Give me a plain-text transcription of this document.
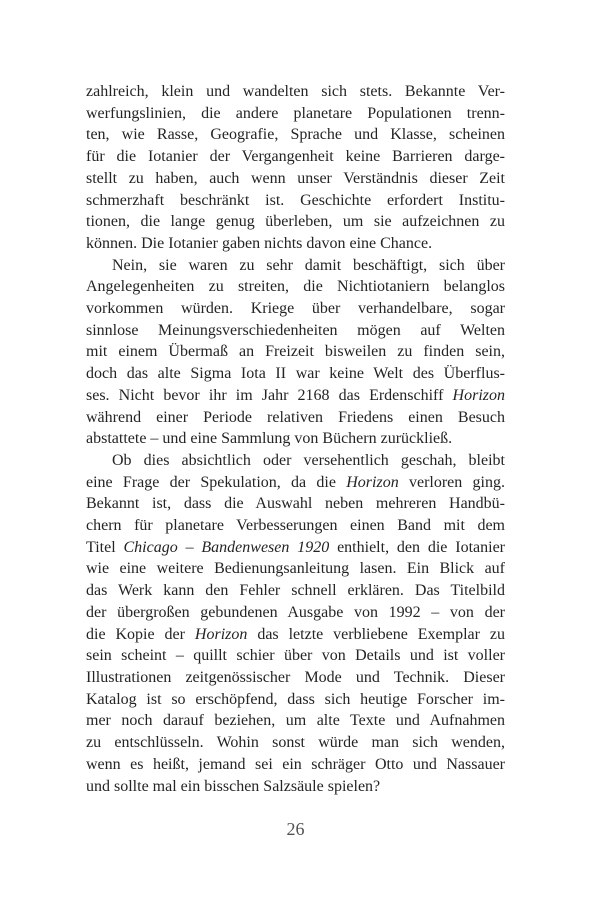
zahlreich, klein und wandelten sich stets. Bekannte Ver-
werfungslinien, die andere planetare Populationen trenn-
ten, wie Rasse, Geografie, Sprache und Klasse, scheinen
für die Iotanier der Vergangenheit keine Barrieren darge-
stellt zu haben, auch wenn unser Verständnis dieser Zeit
schmerzhaft beschränkt ist. Geschichte erfordert Institu-
tionen, die lange genug überleben, um sie aufzeichnen zu
können. Die Iotanier gaben nichts davon eine Chance.
Nein, sie waren zu sehr damit beschäftigt, sich über
Angelegenheiten zu streiten, die Nichtiotaniern belanglos
vorkommen würden. Kriege über verhandelbare, sogar
sinnlose Meinungsverschiedenheiten mögen auf Welten
mit einem Übermaß an Freizeit bisweilen zu finden sein,
doch das alte Sigma Iota II war keine Welt des Überflus-
ses. Nicht bevor ihr im Jahr 2168 das Erdenschiff Horizon
während einer Periode relativen Friedens einen Besuch
abstattete – und eine Sammlung von Büchern zurückließ.
Ob dies absichtlich oder versehentlich geschah, bleibt
eine Frage der Spekulation, da die Horizon verloren ging.
Bekannt ist, dass die Auswahl neben mehreren Handbü-
chern für planetare Verbesserungen einen Band mit dem
Titel Chicago – Bandenwesen 1920 enthielt, den die Iotanier
wie eine weitere Bedienungsanleitung lasen. Ein Blick auf
das Werk kann den Fehler schnell erklären. Das Titelbild
der übergroßen gebundenen Ausgabe von 1992 – von der
die Kopie der Horizon das letzte verbliebene Exemplar zu
sein scheint – quillt schier über von Details und ist voller
Illustrationen zeitgenössischer Mode und Technik. Dieser
Katalog ist so erschöpfend, dass sich heutige Forscher im-
mer noch darauf beziehen, um alte Texte und Aufnahmen
zu entschlüsseln. Wohin sonst würde man sich wenden,
wenn es heißt, jemand sei ein schräger Otto und Nassauer
und sollte mal ein bisschen Salzsäule spielen?
26
